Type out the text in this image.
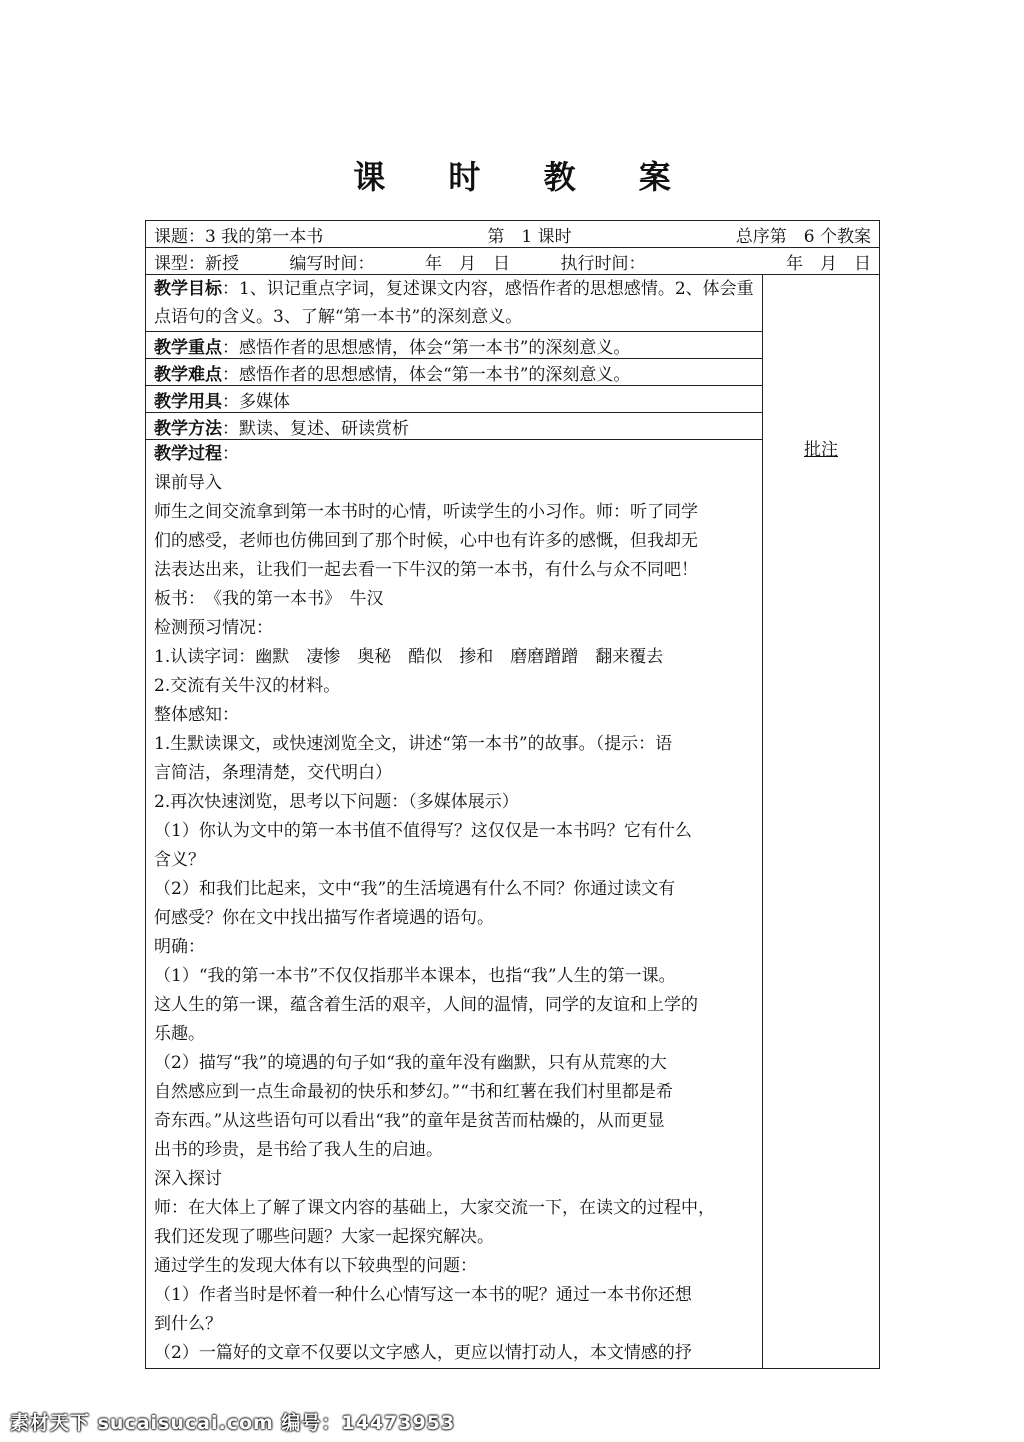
课 时 教 案
课题：3 我的第一本书	第　1 课时	总序第　6 个教案

课型：新授	编写时间：	年　月　日	执行时间：	年　月　日

教学目标：1、识记重点字词，复述课文内容，感悟作者的思想感情。2、体会重点语句的含义。3、了解“第一本书”的深刻意义。	批注
教学重点：感悟作者的思想感情，体会“第一本书”的深刻意义。
教学难点：感悟作者的思想感情，体会“第一本书”的深刻意义。
教学用具：多媒体
教学方法：默读、复述、研读赏析

教学过程：
课前导入
师生之间交流拿到第一本书时的心情，听读学生的小习作。师：听了同学
们的感受，老师也仿佛回到了那个时候，心中也有许多的感慨，但我却无
法表达出来，让我们一起去看一下牛汉的第一本书，有什么与众不同吧！
板书：　《我的第一本书》　牛汉
检测预习情况：
1.认读字词：幽默　凄惨　奥秘　酷似　掺和　磨磨蹭蹭　翻来覆去
2.交流有关牛汉的材料。
整体感知：
1.生默读课文，或快速浏览全文，讲述“第一本书”的故事。（提示：语
言简洁，条理清楚，交代明白）
2.再次快速浏览，思考以下问题：（多媒体展示）
（1）你认为文中的第一本书值不值得写？这仅仅是一本书吗？它有什么
含义？
（2）和我们比起来，文中“我”的生活境遇有什么不同？你通过读文有
何感受？你在文中找出描写作者境遇的语句。
明确：
（1）“我的第一本书”不仅仅指那半本课本，也指“我”人生的第一课。
这人生的第一课，蕴含着生活的艰辛，人间的温情，同学的友谊和上学的
乐趣。
（2）描写“我”的境遇的句子如“我的童年没有幽默，只有从荒寒的大
自然感应到一点生命最初的快乐和梦幻。”“书和红薯在我们村里都是希
奇东西。”从这些语句可以看出“我”的童年是贫苦而枯燥的，从而更显
出书的珍贵，是书给了我人生的启迪。
深入探讨
师：在大体上了解了课文内容的基础上，大家交流一下，在读文的过程中，
我们还发现了哪些问题？大家一起探究解决。
通过学生的发现大体有以下较典型的问题：
（1）作者当时是怀着一种什么心情写这一本书的呢？通过一本书你还想
到什么？
（2）一篇好的文章不仅要以文字感人，更应以情打动人，本文情感的抒
素材天下 sucaisucai.com 编号：14473953
